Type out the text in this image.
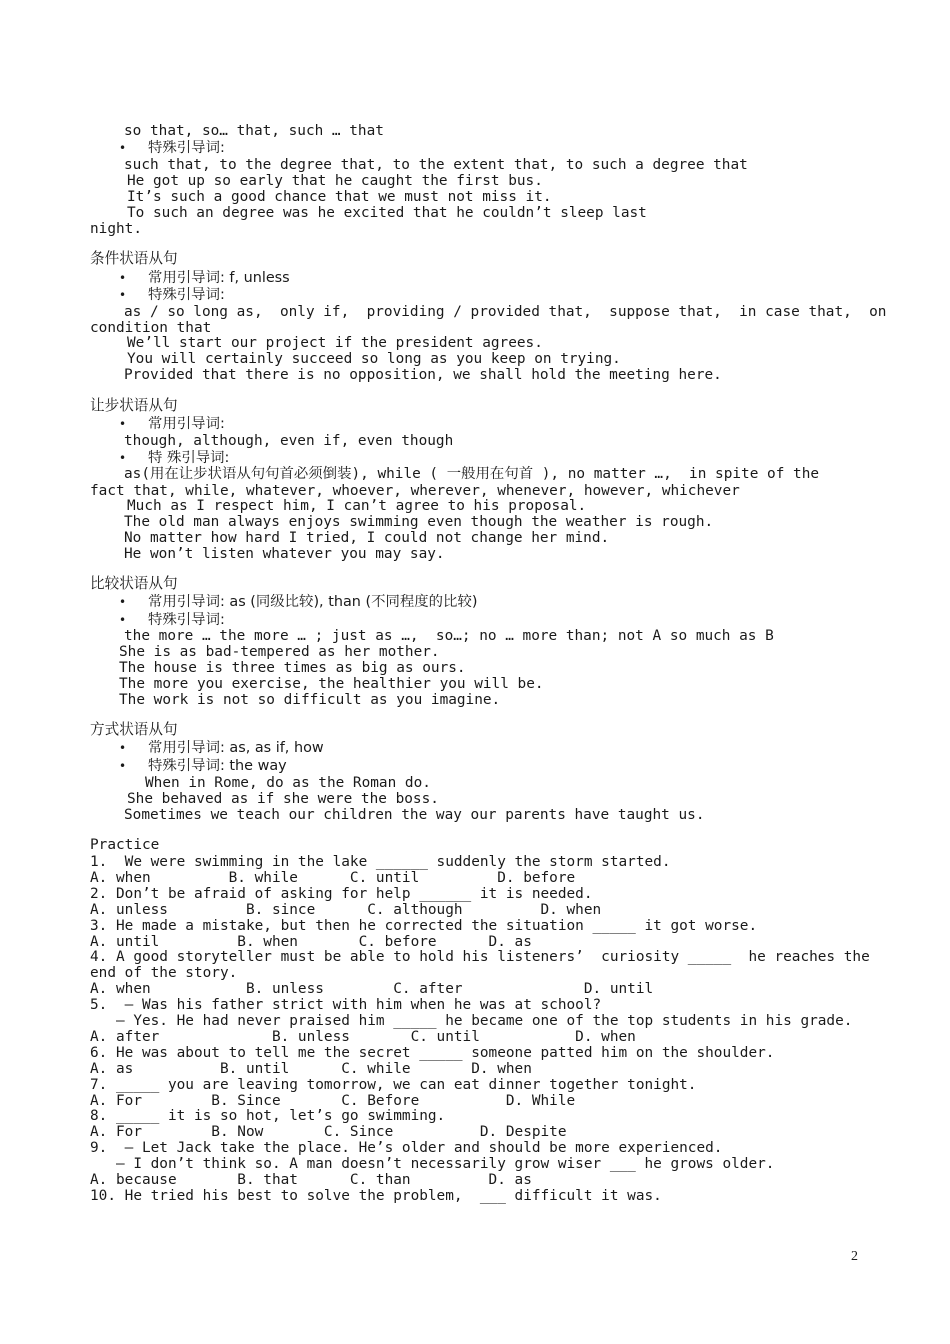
so that, so… that, such … that
• 特殊引导词:
such that, to the degree that, to the extent that, to such a degree that
He got up so early that he caught the first bus.
It’s such a good chance that we must not miss it.
To such an degree was he excited that he couldn’t sleep last
night.
条件状语从句
• 常用引导词: f, unless
• 特殊引导词:
as / so long as,  only if,  providing / provided that,  suppose that,  in case that,  on
condition that
We’ll start our project if the president agrees.
You will certainly succeed so long as you keep on trying.
Provided that there is no opposition, we shall hold the meeting here.
让步状语从句
• 常用引导词:
though, although, even if, even though
• 特 殊引导词:
as(用在让步状语从句句首必须倒装), while ( 一般用在句首 ), no matter …,  in spite of the
fact that, while, whatever, whoever, wherever, whenever, however, whichever
Much as I respect him, I can’t agree to his proposal.
The old man always enjoys swimming even though the weather is rough.
No matter how hard I tried, I could not change her mind.
He won’t listen whatever you may say.
比较状语从句
• 常用引导词: as (同级比较), than (不同程度的比较)
• 特殊引导词:
the more … the more … ; just as …,  so…; no … more than; not A so much as B
She is as bad-tempered as her mother.
The house is three times as big as ours.
The more you exercise, the healthier you will be.
The work is not so difficult as you imagine.
方式状语从句
• 常用引导词: as, as if, how
• 特殊引导词: the way
When in Rome, do as the Roman do.
She behaved as if she were the boss.
Sometimes we teach our children the way our parents have taught us.
Practice
1.  We were swimming in the lake ______ suddenly the storm started.
A. when         B. while      C. until         D. before
2. Don’t be afraid of asking for help ______ it is needed.
A. unless         B. since      C. although         D. when
3. He made a mistake, but then he corrected the situation _____ it got worse.
A. until         B. when       C. before      D. as
4. A good storyteller must be able to hold his listeners’  curiosity _____  he reaches the
end of the story.
A. when           B. unless        C. after              D. until
5.  – Was his father strict with him when he was at school?
– Yes. He had never praised him _____ he became one of the top students in his grade.
A. after             B. unless       C. until           D. when
6. He was about to tell me the secret _____ someone patted him on the shoulder.
A. as          B. until      C. while       D. when
7. _____ you are leaving tomorrow, we can eat dinner together tonight.
A. For        B. Since       C. Before          D. While
8. _____ it is so hot, let’s go swimming.
A. For        B. Now       C. Since          D. Despite
9.  — Let Jack take the place. He’s older and should be more experienced.
— I don’t think so. A man doesn’t necessarily grow wiser ___ he grows older.
A. because       B. that      C. than         D. as
10. He tried his best to solve the problem,  ___ difficult it was.
2
